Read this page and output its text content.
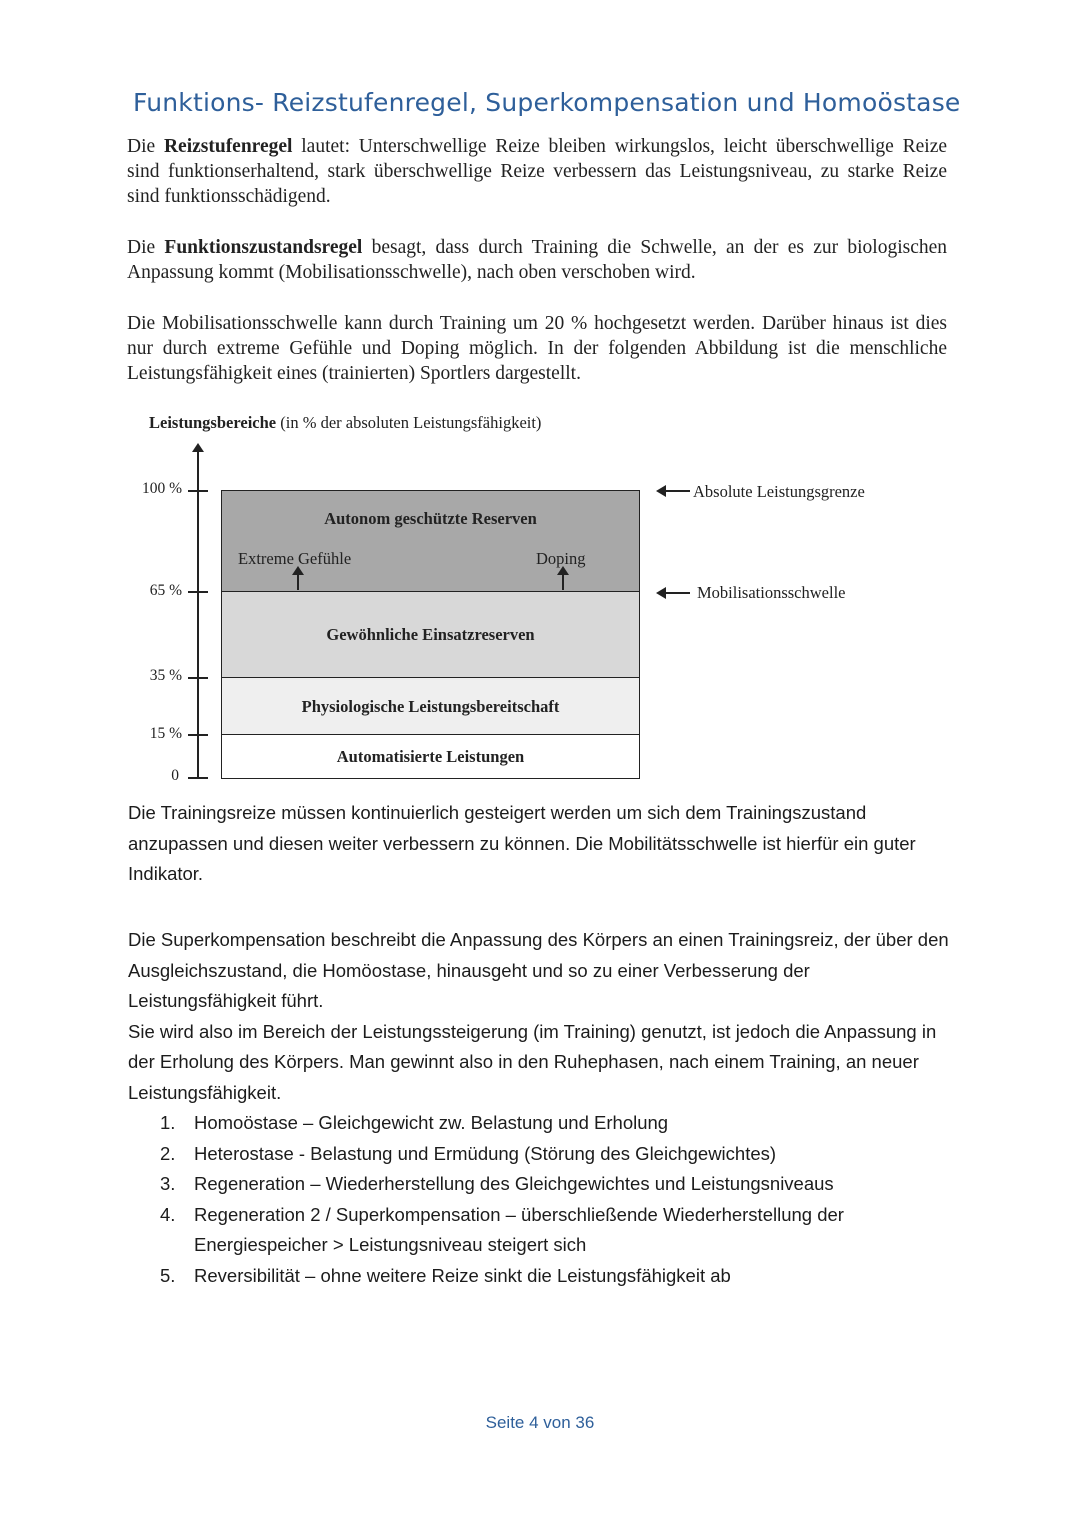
Funktions- Reizstufenregel, Superkompensation und Homoöstase
Die Reizstufenregel lautet: Unterschwellige Reize bleiben wirkungslos, leicht überschwellige Reize sind funktionserhaltend, stark überschwellige Reize verbessern das Leistungsniveau, zu starke Reize sind funktionsschädigend.
Die Funktionszustandsregel besagt, dass durch Training die Schwelle, an der es zur biologischen Anpassung kommt (Mobilisationsschwelle), nach oben verschoben wird.
Die Mobilisationsschwelle kann durch Training um 20 % hochgesetzt werden. Darüber hinaus ist dies nur durch extreme Gefühle und Doping möglich. In der folgenden Abbildung ist die menschliche Leistungsfähigkeit eines (trainierten) Sportlers dargestellt.
Leistungsbereiche (in % der absoluten Leistungsfähigkeit)
100 %
65 %
35 %
15 %
0
Autonom geschützte Reserven
Extreme Gefühle	Doping
Gewöhnliche Einsatzreserven
Physiologische Leistungsbereitschaft
Automatisierte Leistungen
Absolute Leistungsgrenze
Mobilisationsschwelle
Die Trainingsreize müssen kontinuierlich gesteigert werden um sich dem Trainingszustand anzupassen und diesen weiter verbessern zu können. Die Mobilitätsschwelle ist hierfür ein guter Indikator.
Die Superkompensation beschreibt die Anpassung des Körpers an einen Trainingsreiz, der über den Ausgleichszustand, die Homöostase, hinausgeht und so zu einer Verbesserung der Leistungsfähigkeit führt.
Sie wird also im Bereich der Leistungssteigerung (im Training) genutzt, ist jedoch die Anpassung in der Erholung des Körpers. Man gewinnt also in den Ruhephasen, nach einem Training, an neuer Leistungsfähigkeit.
1. Homoöstase – Gleichgewicht zw. Belastung und Erholung
2. Heterostase - Belastung und Ermüdung (Störung des Gleichgewichtes)
3. Regeneration – Wiederherstellung des Gleichgewichtes und Leistungsniveaus
4. Regeneration 2 / Superkompensation – überschließende Wiederherstellung der Energiespeicher > Leistungsniveau steigert sich
5. Reversibilität – ohne weitere Reize sinkt die Leistungsfähigkeit ab
Seite 4 von 36
